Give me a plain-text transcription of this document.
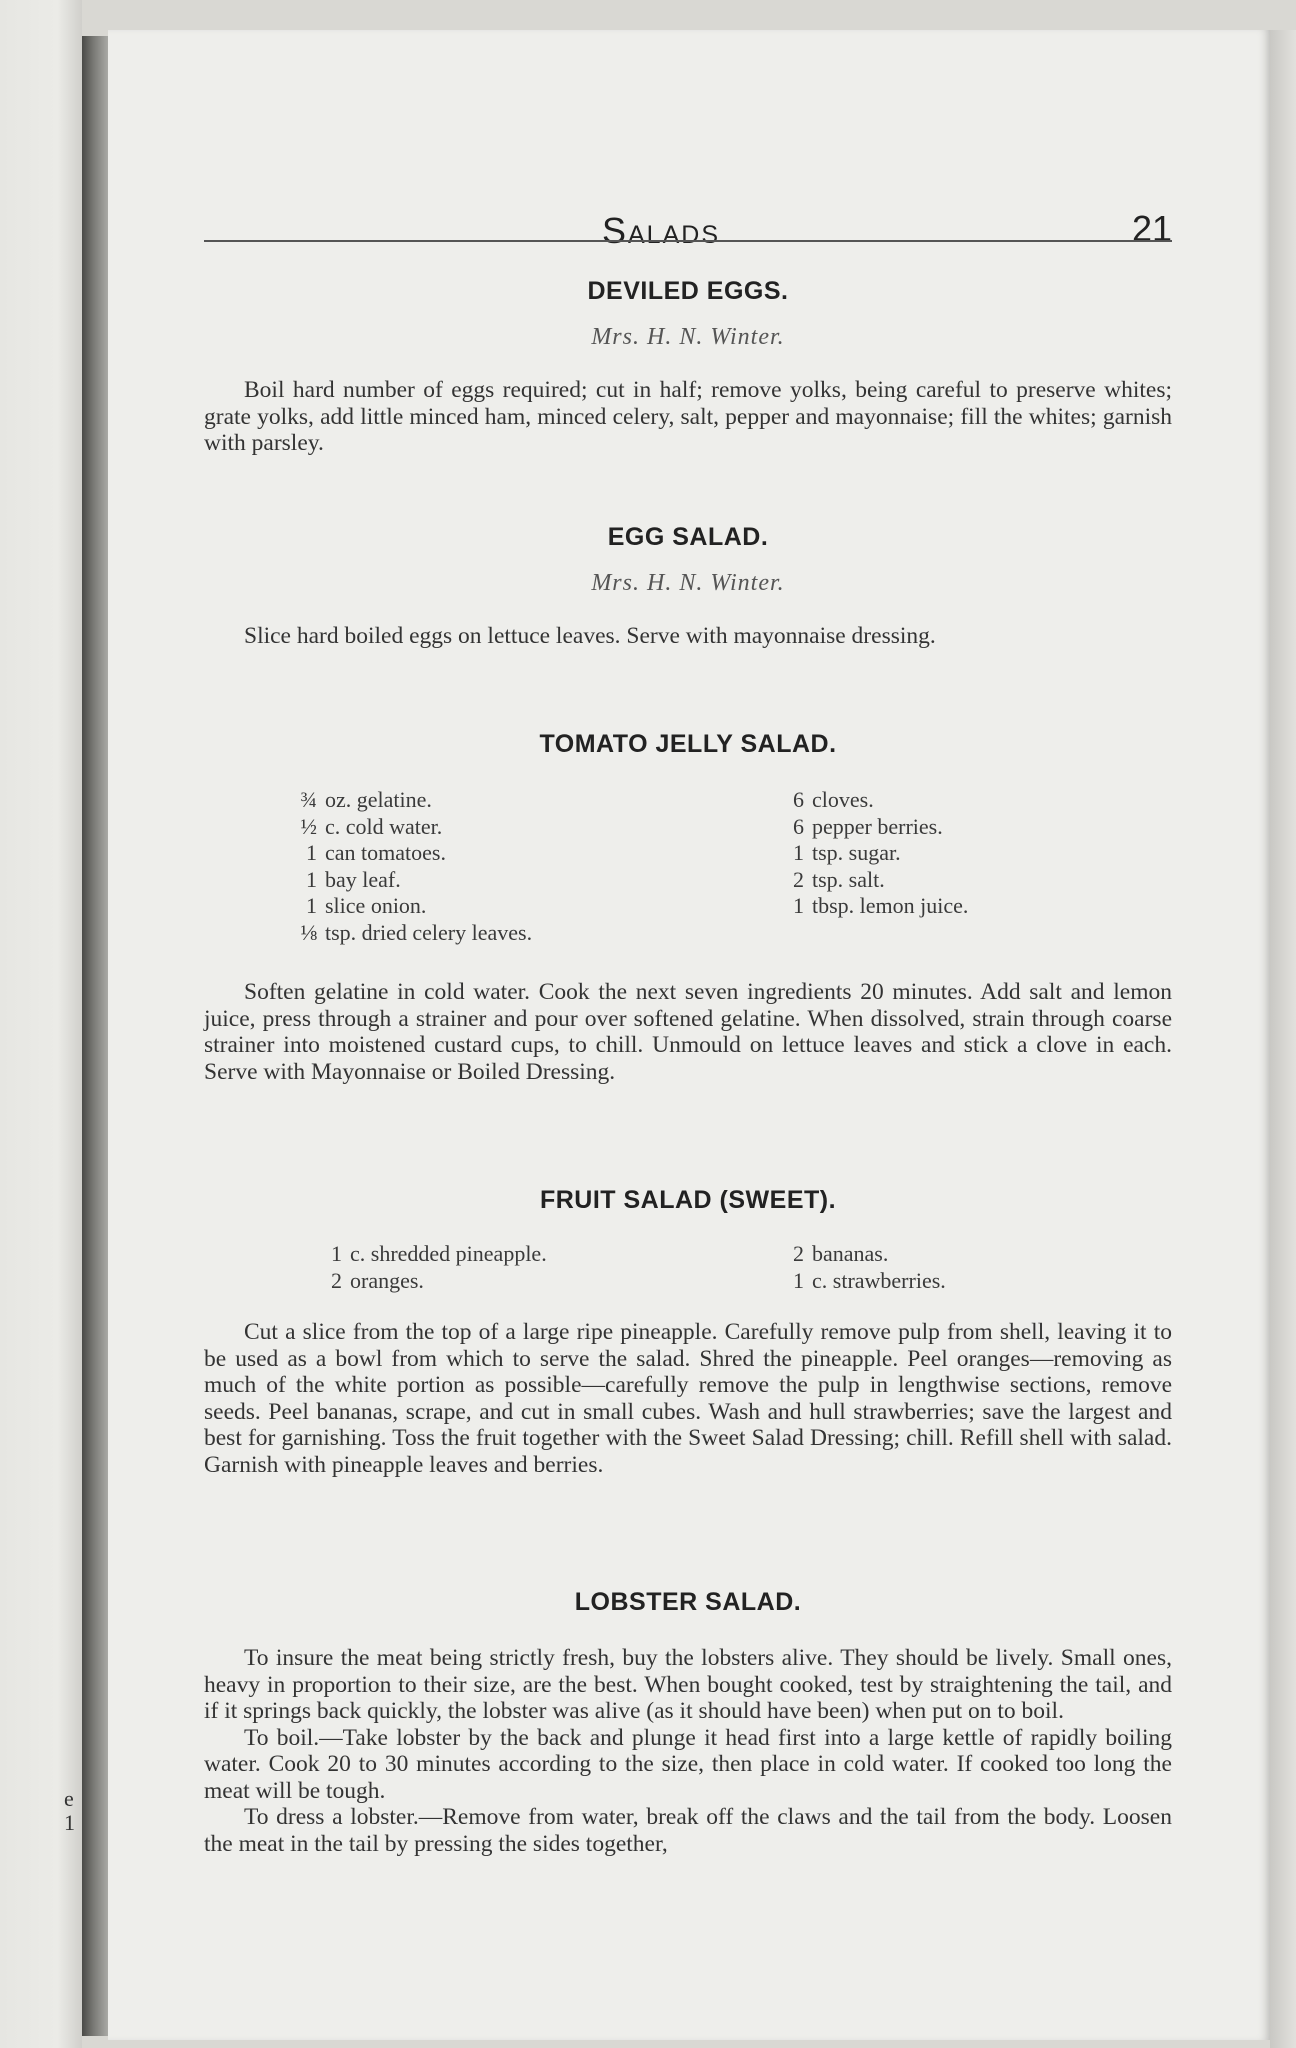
e
1
Salads	21
DEVILED EGGS.

Mrs. H. N. Winter.

Boil hard number of eggs required; cut in half; remove yolks, being careful to preserve whites; grate yolks, add little minced ham, minced celery, salt, pepper and mayonnaise; fill the whites; garnish with parsley.

EGG SALAD.

Mrs. H. N. Winter.

Slice hard boiled eggs on lettuce leaves. Serve with mayonnaise dressing.

TOMATO JELLY SALAD.
¾ oz. gelatine.
½ c. cold water.
1 can tomatoes.
1 bay leaf.
1 slice onion.
⅛ tsp. dried celery leaves.
6 cloves.
6 pepper berries.
1 tsp. sugar.
2 tsp. salt.
1 tbsp. lemon juice.

Soften gelatine in cold water. Cook the next seven ingredients 20 minutes. Add salt and lemon juice, press through a strainer and pour over softened gelatine. When dissolved, strain through coarse strainer into moistened custard cups, to chill. Unmould on lettuce leaves and stick a clove in each. Serve with Mayonnaise or Boiled Dressing.

FRUIT SALAD (SWEET).
1 c. shredded pineapple.
2 oranges.
2 bananas.
1 c. strawberries.

Cut a slice from the top of a large ripe pineapple. Carefully remove pulp from shell, leaving it to be used as a bowl from which to serve the salad. Shred the pineapple. Peel oranges—removing as much of the white portion as possible—carefully remove the pulp in lengthwise sections, remove seeds. Peel bananas, scrape, and cut in small cubes. Wash and hull strawberries; save the largest and best for garnishing. Toss the fruit together with the Sweet Salad Dressing; chill. Refill shell with salad. Garnish with pineapple leaves and berries.

LOBSTER SALAD.

To insure the meat being strictly fresh, buy the lobsters alive. They should be lively. Small ones, heavy in proportion to their size, are the best. When bought cooked, test by straightening the tail, and if it springs back quickly, the lobster was alive (as it should have been) when put on to boil.

To boil.—Take lobster by the back and plunge it head first into a large kettle of rapidly boiling water. Cook 20 to 30 minutes according to the size, then place in cold water. If cooked too long the meat will be tough.

To dress a lobster.—Remove from water, break off the claws and the tail from the body. Loosen the meat in the tail by pressing the sides together,
